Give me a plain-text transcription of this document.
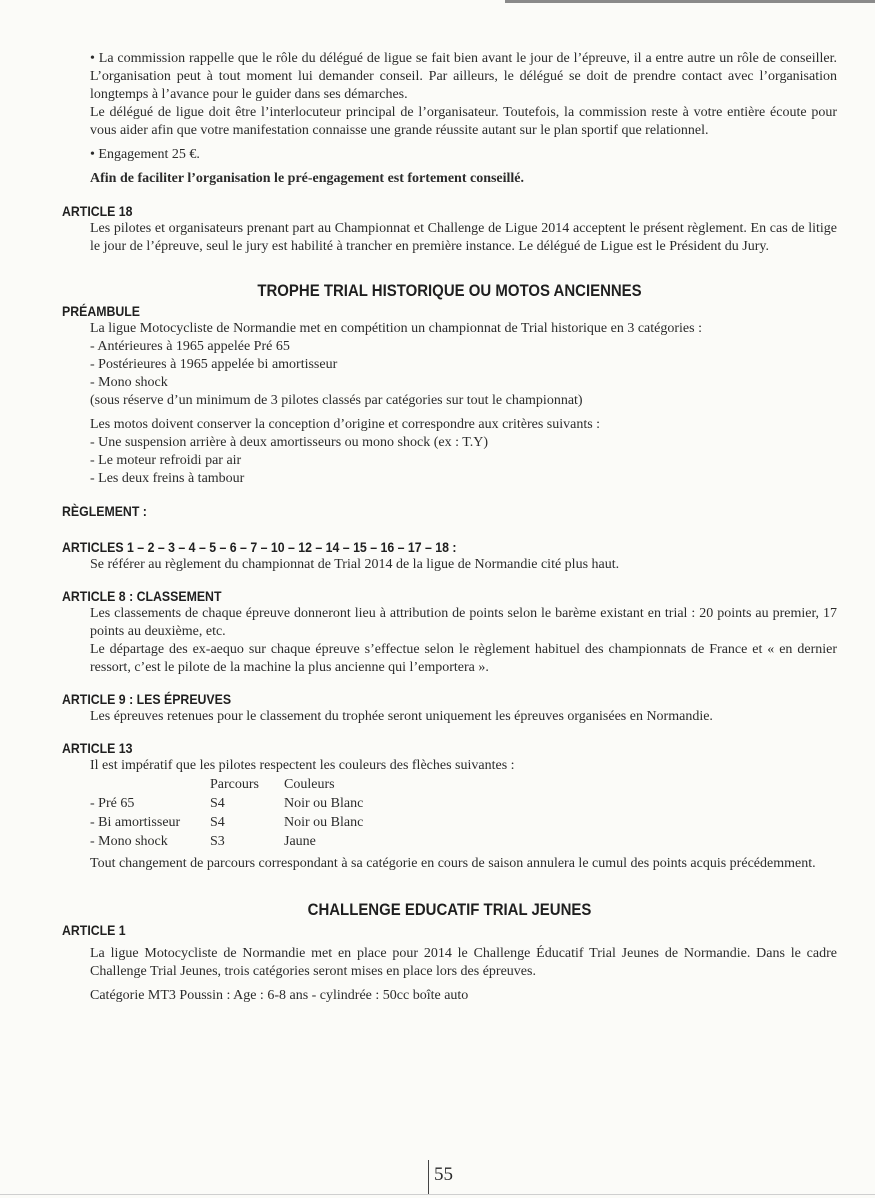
• La commission rappelle que le rôle du délégué de ligue se fait bien avant le jour de l’épreuve, il a entre autre un rôle de conseiller. L’organisation peut à tout moment lui demander conseil. Par ailleurs, le délégué se doit de prendre contact avec l’organisation longtemps à l’avance pour le guider dans ses démarches.

Le délégué de ligue doit être l’interlocuteur principal de l’organisateur. Toutefois, la commission reste à votre entière écoute pour vous aider afin que votre manifestation connaisse une grande réussite autant sur le plan sportif que relationnel.

• Engagement 25 €.

Afin de faciliter l’organisation le pré-engagement est fortement conseillé.

ARTICLE 18

Les pilotes et organisateurs prenant part au Championnat et Challenge de Ligue 2014 acceptent le présent règlement. En cas de litige le jour de l’épreuve, seul le jury est habilité à trancher en première instance. Le délégué de Ligue est le Président du Jury.

TROPHE TRIAL HISTORIQUE OU MOTOS ANCIENNES
PRÉAMBULE

La ligue Motocycliste de Normandie met en compétition un championnat de Trial historique en 3 catégories :

- Antérieures à 1965 appelée Pré 65

- Postérieures à 1965 appelée bi amortisseur

- Mono shock

(sous réserve d’un minimum de 3 pilotes classés par catégories sur tout le championnat)

Les motos doivent conserver la conception d’origine et correspondre aux critères suivants :

- Une suspension arrière à deux amortisseurs ou mono shock (ex : T.Y)

- Le moteur refroidi par air

- Les deux freins à tambour

RÈGLEMENT :
ARTICLES 1 – 2 – 3 – 4 – 5 – 6 – 7 – 10 – 12 – 14 – 15 – 16 – 17 – 18 :

Se référer au règlement du championnat de Trial 2014 de la ligue de Normandie cité plus haut.

ARTICLE 8 : CLASSEMENT

Les classements de chaque épreuve donneront lieu à attribution de points selon le barème existant en trial : 20 points au premier, 17 points au deuxième, etc.

Le départage des ex-aequo sur chaque épreuve s’effectue selon le règlement habituel des championnats de France et « en dernier ressort, c’est le pilote de la machine la plus ancienne qui l’emportera ».

ARTICLE 9 : LES ÉPREUVES

Les épreuves retenues pour le classement du trophée seront uniquement les épreuves organisées en Normandie.

ARTICLE 13

Il est impératif que les pilotes respectent les couleurs des flèches suivantes :

	Parcours	Couleurs
- Pré 65	S4	Noir ou Blanc
- Bi amortisseur	S4	Noir ou Blanc
- Mono shock	S3	Jaune

Tout changement de parcours correspondant à sa catégorie en cours de saison annulera le cumul des points acquis précédemment.

CHALLENGE EDUCATIF TRIAL JEUNES
ARTICLE 1

La ligue Motocycliste de Normandie met en place pour 2014 le Challenge Éducatif Trial Jeunes de Normandie. Dans le cadre Challenge Trial Jeunes, trois catégories seront mises en place lors des épreuves.

Catégorie MT3 Poussin : Age : 6-8 ans - cylindrée : 50cc boîte auto

55
